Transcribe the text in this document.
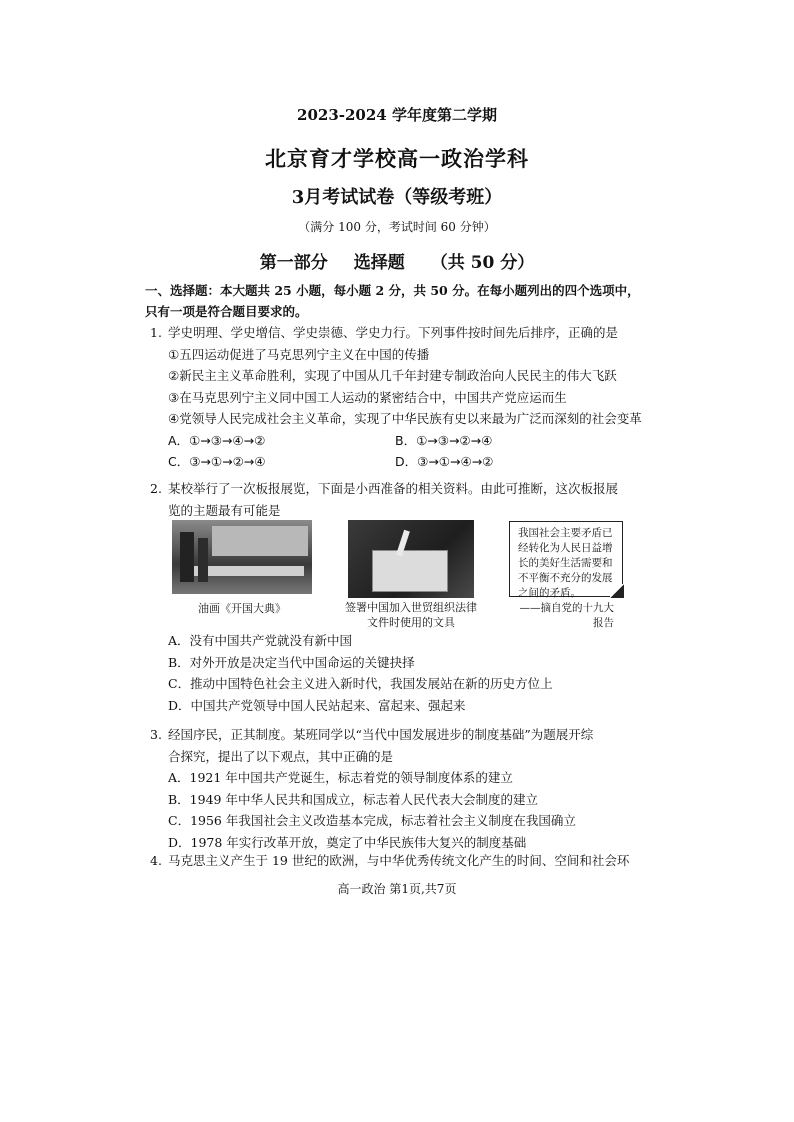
2023-2024 学年度第二学期
北京育才学校高一政治学科
3月考试试卷（等级考班）
（满分 100 分，考试时间 60 分钟）
第一部分 选择题 （共 50 分）
一、选择题：本大题共 25 小题，每小题 2 分，共 50 分。在每小题列出的四个选项中，
只有一项是符合题目要求的。
1. 学史明理、学史增信、学史崇德、学史力行。下列事件按时间先后排序，正确的是
①五四运动促进了马克思列宁主义在中国的传播
②新民主主义革命胜利，实现了中国从几千年封建专制政治向人民民主的伟大飞跃
③在马克思列宁主义同中国工人运动的紧密结合中，中国共产党应运而生
④党领导人民完成社会主义革命，实现了中华民族有史以来最为广泛而深刻的社会变革
A．①→③→④→②	B．①→③→②→④
C．③→①→②→④	D．③→①→④→②
2. 某校举行了一次板报展览，下面是小西准备的相关资料。由此可推断，这次板报展
览的主题最有可能是
油画《开国大典》	签署中国加入世贸组织法律
文件时使用的文具
我国社会主要矛盾已经转化为人民日益增长的美好生活需要和不平衡不充分的发展之间的矛盾。
——摘自党的十九大报告
A．没有中国共产党就没有新中国
B．对外开放是决定当代中国命运的关键抉择
C．推动中国特色社会主义进入新时代，我国发展站在新的历史方位上
D．中国共产党领导中国人民站起来、富起来、强起来
3. 经国序民，正其制度。某班同学以“当代中国发展进步的制度基础”为题展开综
合探究，提出了以下观点，其中正确的是
A．1921 年中国共产党诞生，标志着党的领导制度体系的建立
B．1949 年中华人民共和国成立，标志着人民代表大会制度的建立
C．1956 年我国社会主义改造基本完成，标志着社会主义制度在我国确立
D．1978 年实行改革开放，奠定了中华民族伟大复兴的制度基础
4. 马克思主义产生于 19 世纪的欧洲，与中华优秀传统文化产生的时间、空间和社会环
高一政治 第1页,共7页
